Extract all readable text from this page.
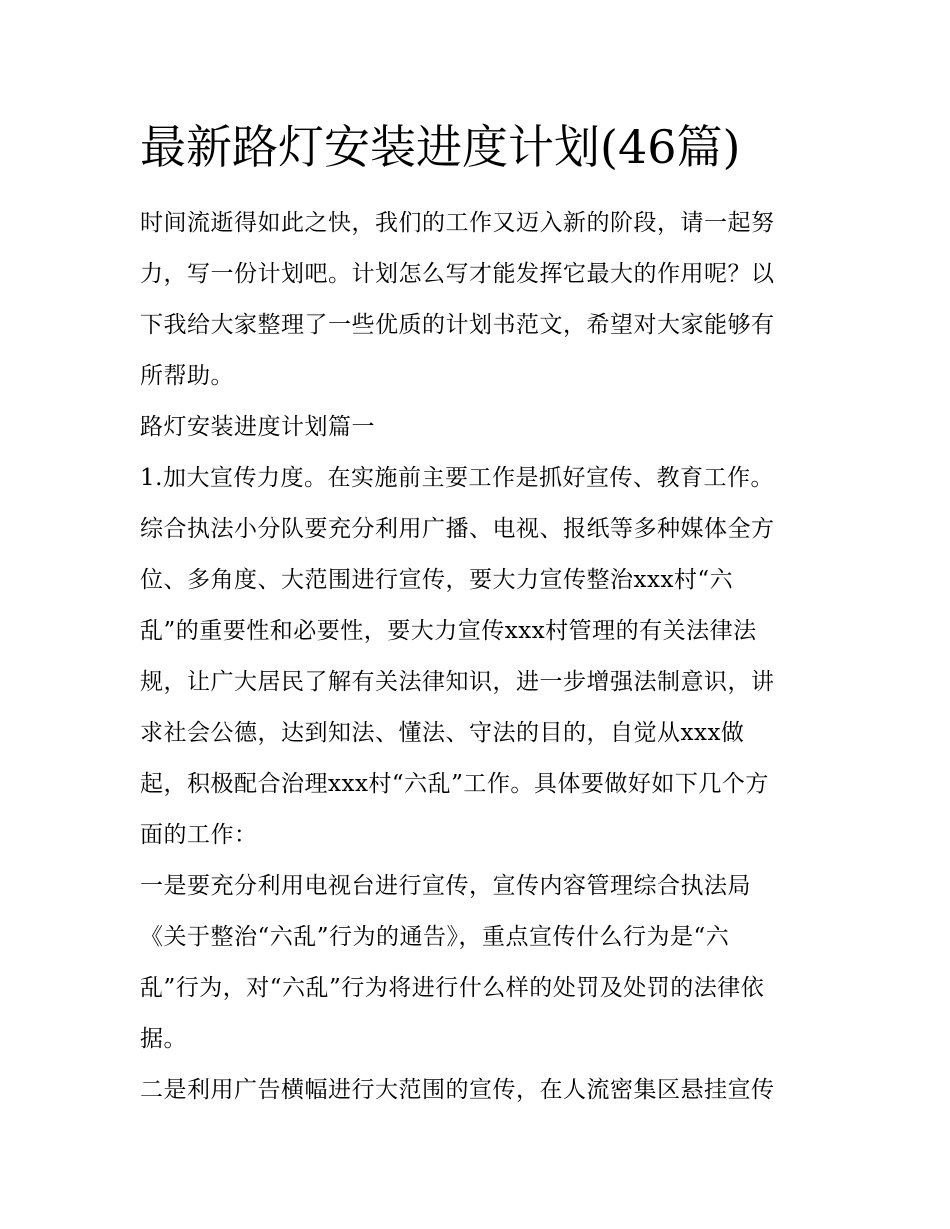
最新路灯安装进度计划(46篇)
时间流逝得如此之快，我们的工作又迈入新的阶段，请一起努
力，写一份计划吧。计划怎么写才能发挥它最大的作用呢？以
下我给大家整理了一些优质的计划书范文，希望对大家能够有
所帮助。
路灯安装进度计划篇一
1.加大宣传力度。在实施前主要工作是抓好宣传、教育工作。
综合执法小分队要充分利用广播、电视、报纸等多种媒体全方
位、多角度、大范围进行宣传，要大力宣传整治xxx村“六
乱”的重要性和必要性，要大力宣传xxx村管理的有关法律法
规，让广大居民了解有关法律知识，进一步增强法制意识，讲
求社会公德，达到知法、懂法、守法的目的，自觉从xxx做
起，积极配合治理xxx村“六乱”工作。具体要做好如下几个方
面的工作：
一是要充分利用电视台进行宣传，宣传内容管理综合执法局
《关于整治“六乱”行为的通告》，重点宣传什么行为是“六
乱”行为，对“六乱”行为将进行什么样的处罚及处罚的法律依
据。
二是利用广告横幅进行大范围的宣传，在人流密集区悬挂宣传
